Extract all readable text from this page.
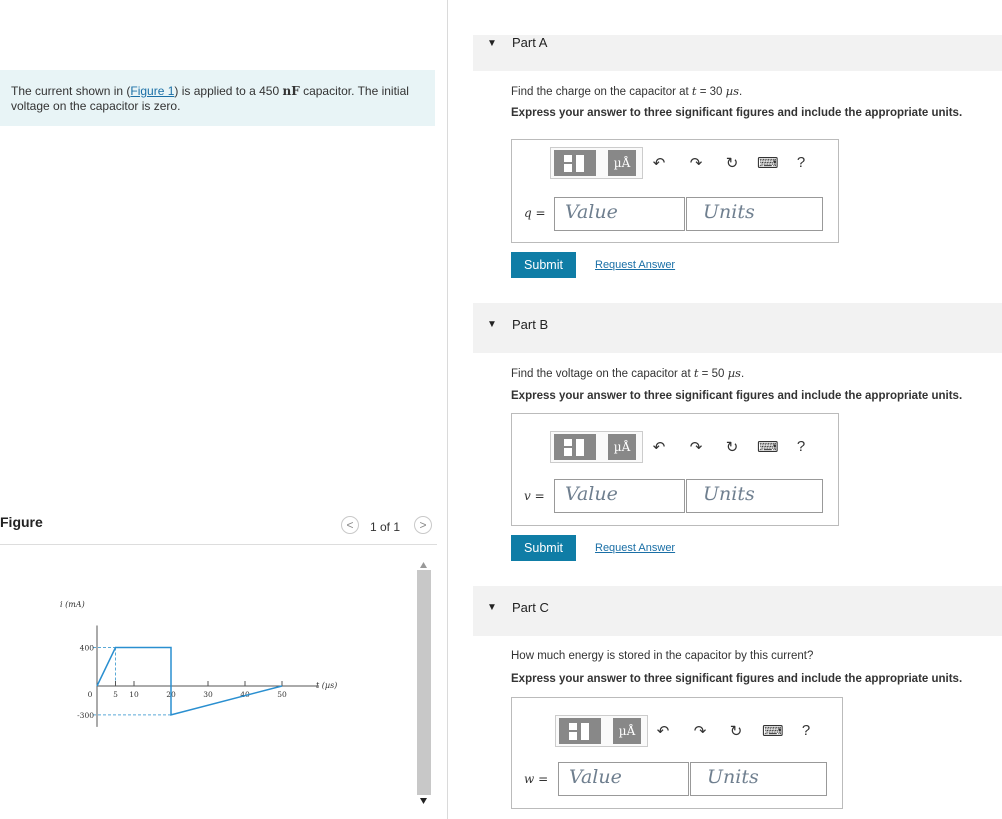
The current shown in (Figure 1) is applied to a 450 nF capacitor. The initial
voltage on the capacitor is zero.
Figure	<	1 of 1	>
i (mA)
t (µs)
0	5 10	20	30	40	50
400
-300
▼ Part A
Find the charge on the capacitor at t = 30 µs.
Express your answer to three significant figures and include the appropriate units.
µÅ	↶ ↷ ↻ ⌨	?
q =	Value	Units
Submit	Request Answer
▼ Part B
Find the voltage on the capacitor at t = 50 µs.
Express your answer to three significant figures and include the appropriate units.
µÅ	↶ ↷ ↻ ⌨	?
v =	Value	Units
Submit	Request Answer
▼ Part C
How much energy is stored in the capacitor by this current?
Express your answer to three significant figures and include the appropriate units.
µÅ	↶ ↷ ↻ ⌨	?
w =	Value	Units
